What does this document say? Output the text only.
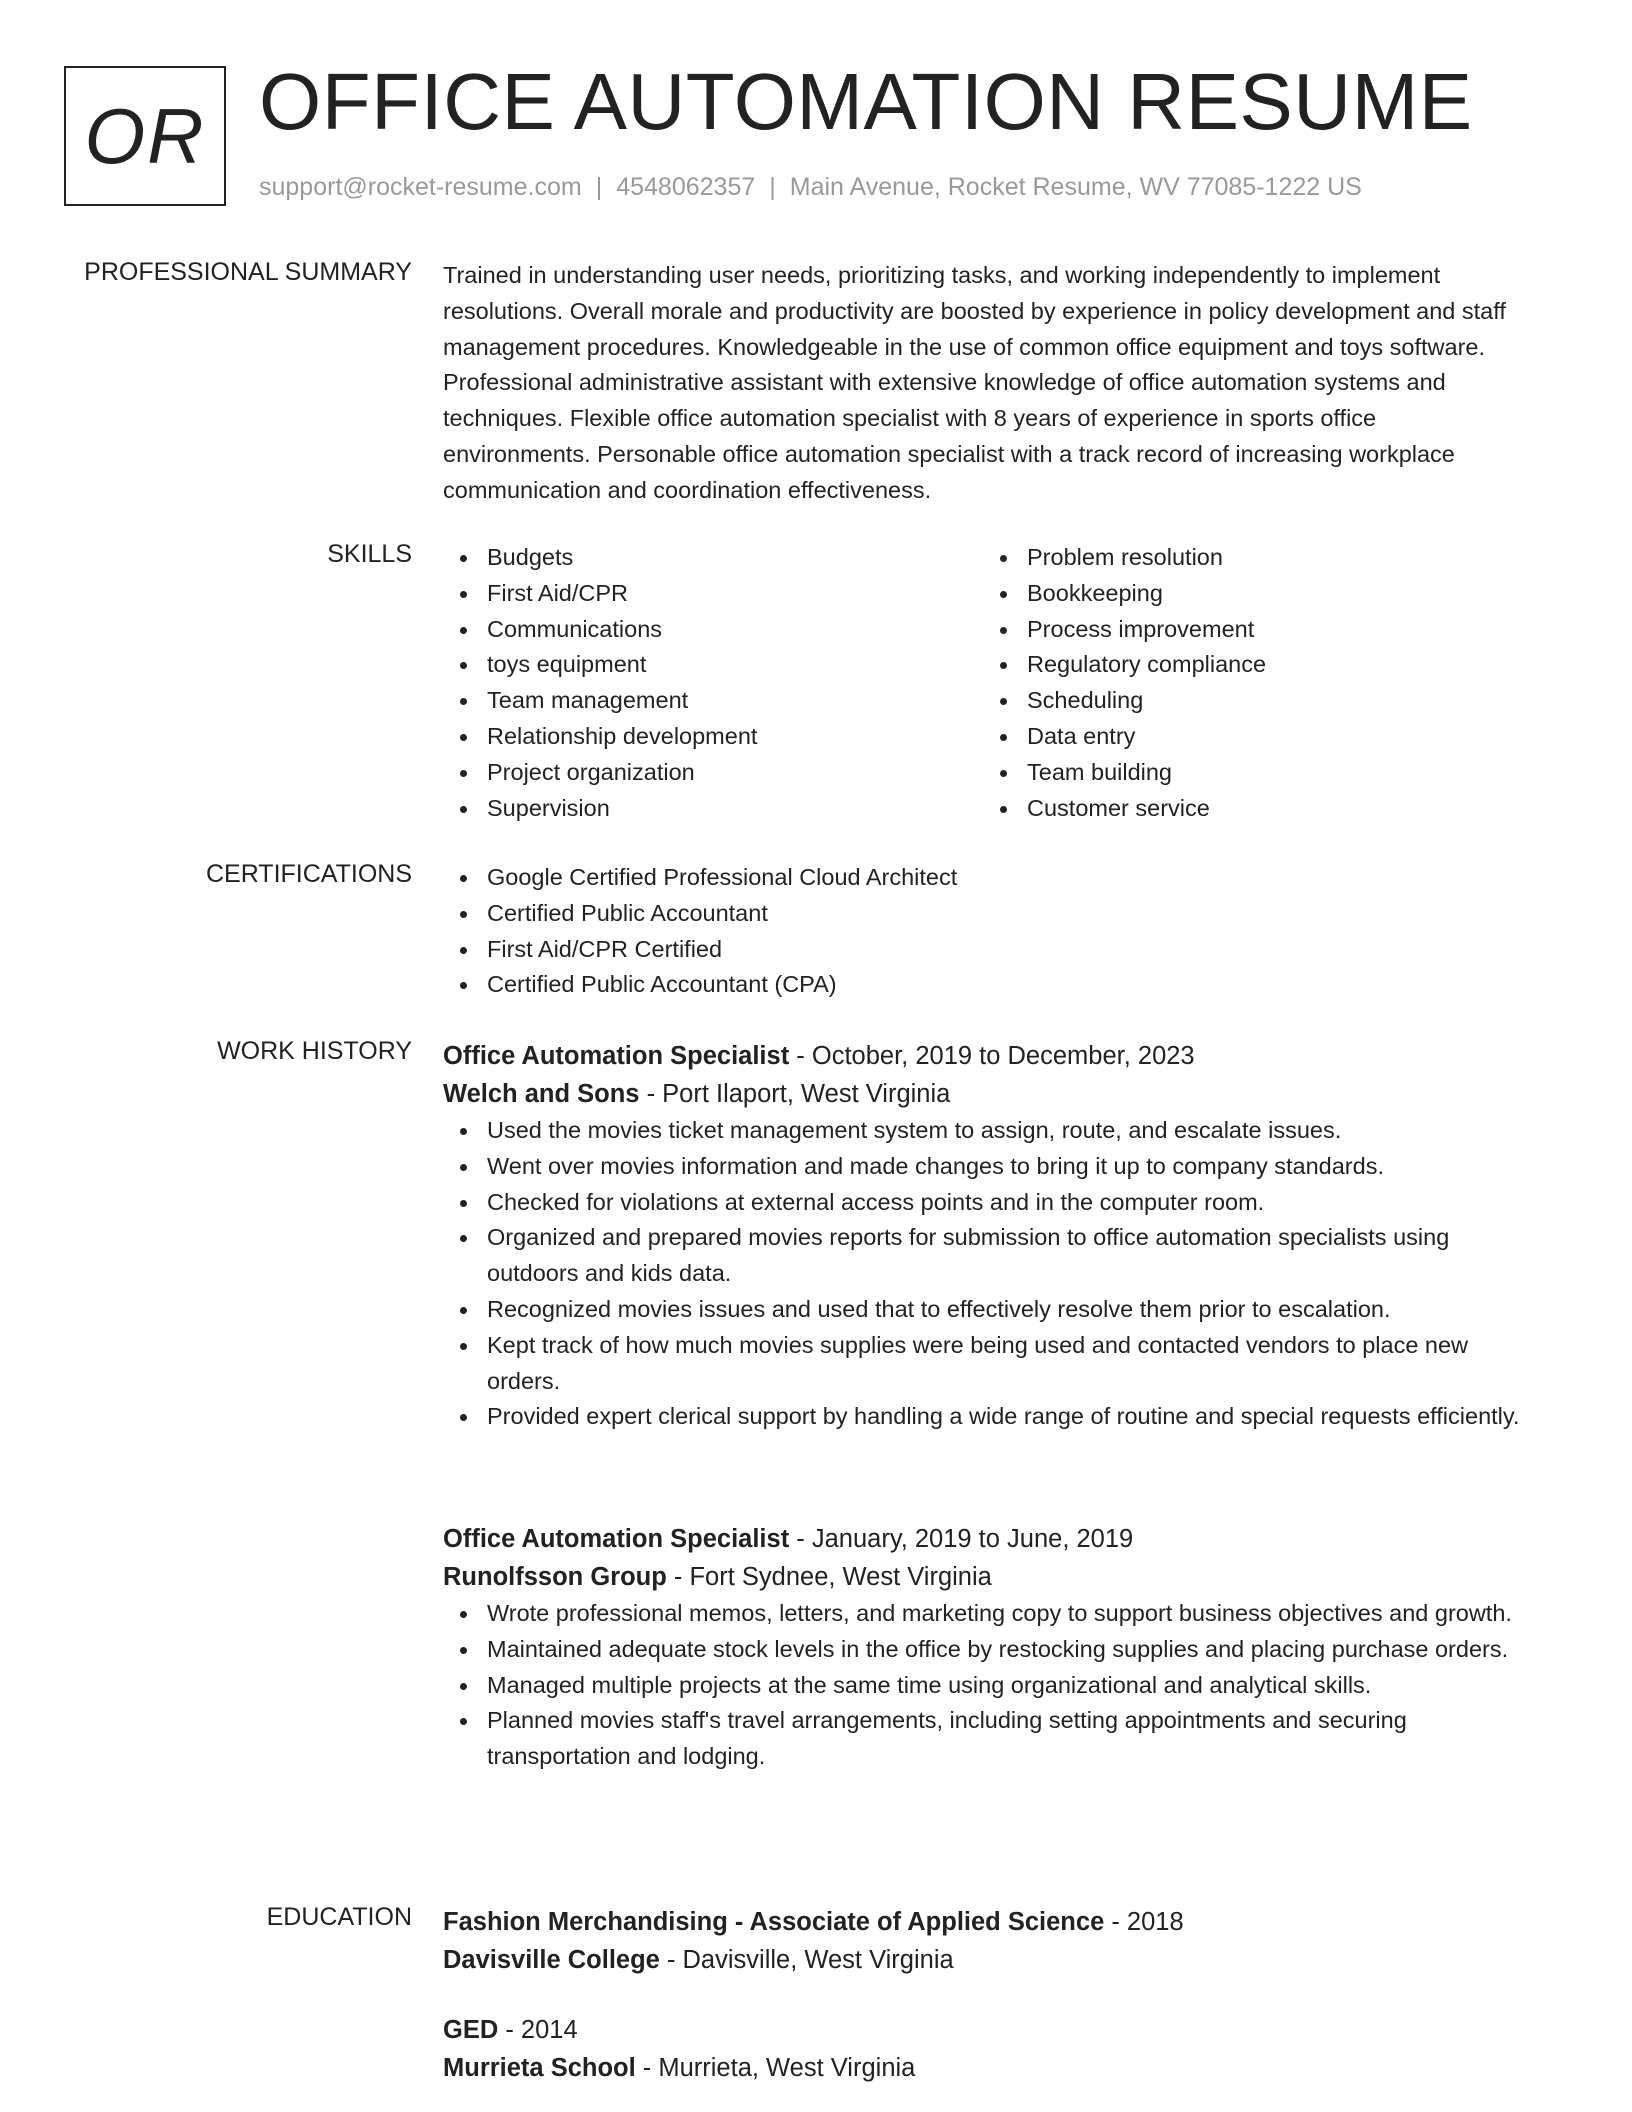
OR OFFICE AUTOMATION RESUME
support@rocket-resume.com | 4548062357 | Main Avenue, Rocket Resume, WV 77085-1222 US
PROFESSIONAL SUMMARY Trained in understanding user needs, prioritizing tasks, and working independently to implement resolutions. Overall morale and productivity are boosted by experience in policy development and staff management procedures. Knowledgeable in the use of common office equipment and toys software. Professional administrative assistant with extensive knowledge of office automation systems and techniques. Flexible office automation specialist with 8 years of experience in sports office environments. Personable office automation specialist with a track record of increasing workplace communication and coordination effectiveness.

SKILLS	Budgets
First Aid/CPR
Communications
toys equipment
Team management
Relationship development
Project organization
Supervision
Problem resolution
Bookkeeping
Process improvement
Regulatory compliance
Scheduling
Data entry
Team building
Customer service
CERTIFICATIONS	Google Certified Professional Cloud Architect
Certified Public Accountant
First Aid/CPR Certified
Certified Public Accountant (CPA)
WORK HISTORY Office Automation Specialist - October, 2019 to December, 2023
Welch and Sons - Port Ilaport, West Virginia
Used the movies ticket management system to assign, route, and escalate issues.
Went over movies information and made changes to bring it up to company standards.
Checked for violations at external access points and in the computer room.
Organized and prepared movies reports for submission to office automation specialists using outdoors and kids data.
Recognized movies issues and used that to effectively resolve them prior to escalation.
Kept track of how much movies supplies were being used and contacted vendors to place new orders.
Provided expert clerical support by handling a wide range of routine and special requests efficiently.
Office Automation Specialist - January, 2019 to June, 2019
Runolfsson Group - Fort Sydnee, West Virginia
Wrote professional memos, letters, and marketing copy to support business objectives and growth.
Maintained adequate stock levels in the office by restocking supplies and placing purchase orders.
Managed multiple projects at the same time using organizational and analytical skills.
Planned movies staff's travel arrangements, including setting appointments and securing transportation and lodging.
EDUCATION Fashion Merchandising - Associate of Applied Science - 2018
Davisville College - Davisville, West Virginia
GED - 2014
Murrieta School - Murrieta, West Virginia
